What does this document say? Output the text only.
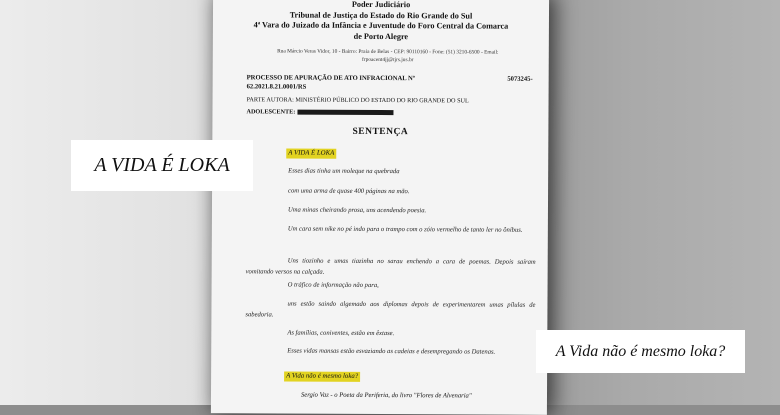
Poder Judiciário
Tribunal de Justiça do Estado do Rio Grande do Sul
4ª Vara do Juizado da Infância e Juventude do Foro Central da Comarca
de Porto Alegre
Rua Márcio Veras Vidor, 10 - Bairro: Praia de Belas - CEP: 90110160 - Fone: (51) 3210-6500 - Email:
frpoacent4jj@tjrs.jus.br
5073245-
PROCESSO DE APURAÇÃO DE ATO INFRACIONAL Nº
62.2021.8.21.0001/RS
PARTE AUTORA: MINISTÉRIO PÚBLICO DO ESTADO DO RIO GRANDE DO SUL
ADOLESCENTE:
SENTENÇA
A VIDA É LOKA
Esses dias tinha um moleque na quebrada
com uma arma de quase 400 páginas na mão.
Uma minas cheirando prosa, uns acendendo poesia.
Um cara sem nike no pé indo para o trampo com o zóio vermelho de tanto ler no ônibus.
Uns tiozinho e umas tiazinha no sarau enchendo a cara de poemas. Depois saíram vomitando versos na calçada.
O tráfico de informação não para,
uns estão saindo algemado aos diplomas depois de experimentarem umas pílulas de sabedoria.
As famílias, coniventes, estão em êxtase.
Esses vidas mansas estão esvaziando as cadeias e desempregando os Datenas.
A Vida não é mesmo loka?
Sergio Vaz - o Poeta da Periferia, do livro "Flores de Alvenaria"
A VIDA É LOKA
A Vida não é mesmo loka?
